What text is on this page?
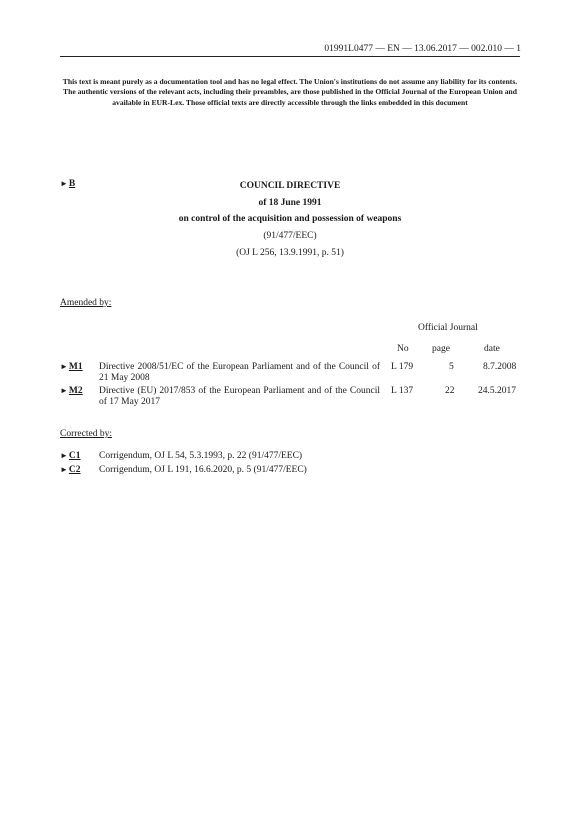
01991L0477 — EN — 13.06.2017 — 002.010 — 1
This text is meant purely as a documentation tool and has no legal effect. The Union's institutions do not assume any liability for its contents. The authentic versions of the relevant acts, including their preambles, are those published in the Official Journal of the European Union and available in EUR-Lex. Those official texts are directly accessible through the links embedded in this document
►B	COUNCIL DIRECTIVE
of 18 June 1991
on control of the acquisition and possession of weapons
(91/477/EEC)
(OJ L 256, 13.9.1991, p. 51)
Amended by:
Official Journal
No page	date
►M1 Directive 2008/51/EC of the European Parliament and of the Council of 21 May 2008
L 179	5	8.7.2008
►M2 Directive (EU) 2017/853 of the European Parliament and of the Council of 17 May 2017
L 137	22 24.5.2017
Corrected by:
►C1 Corrigendum, OJ L 54, 5.3.1993, p. 22 (91/477/EEC)
►C2 Corrigendum, OJ L 191, 16.6.2020, p. 5 (91/477/EEC)
